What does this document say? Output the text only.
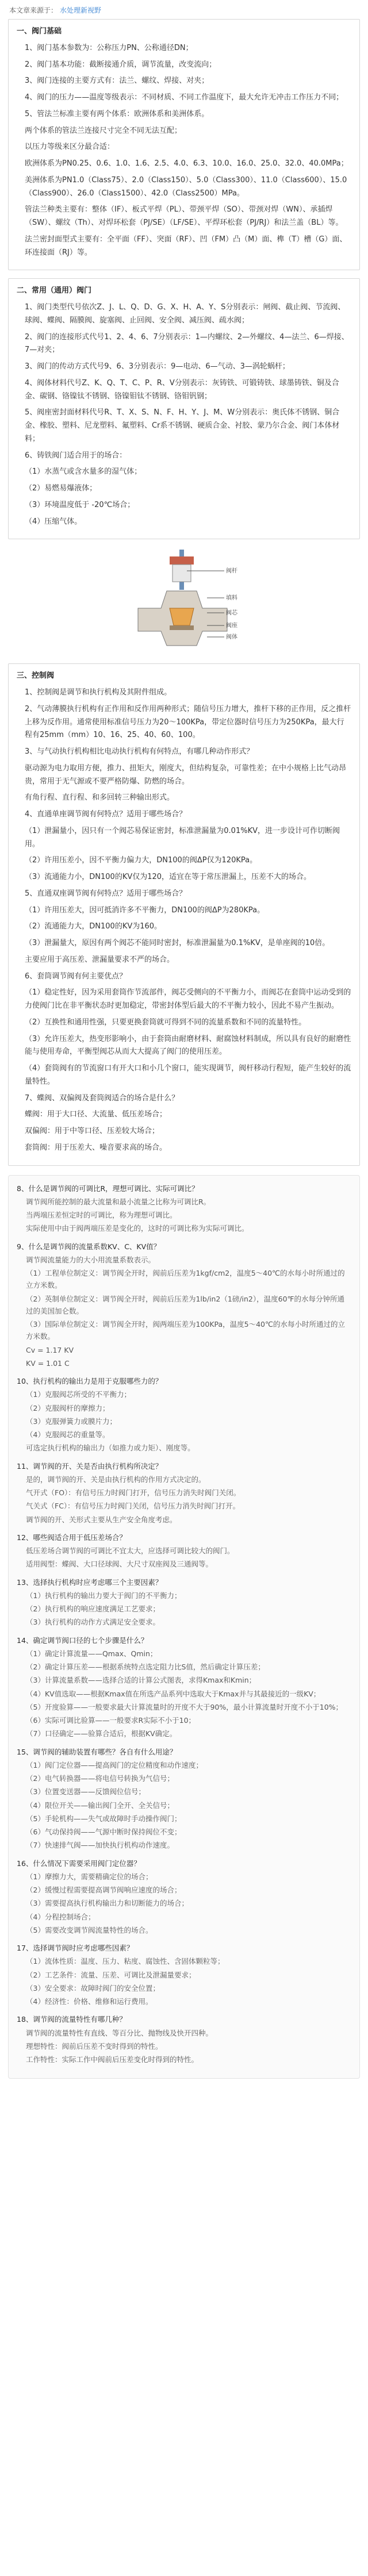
本文章来源于： 水处理新视野

一、阀门基础

1、阀门基本参数为：公称压力PN、公称通径DN；

2、阀门基本功能：截断接通介质，调节流量，改变流向；

3、阀门连接的主要方式有：法兰、螺纹、焊接、对夹；

4、阀门的压力——温度等级表示：不同材质、不同工作温度下，最大允许无冲击工作压力不同；

5、管法兰标准主要有两个体系：欧洲体系和美洲体系。

两个体系的管法兰连接尺寸完全不同无法互配；

以压力等级来区分最合适：

欧洲体系为PN0.25、0.6、1.0、1.6、2.5、4.0、6.3、10.0、16.0、25.0、32.0、40.0MPa；

美洲体系为PN1.0（Class75）、2.0（Class150）、5.0（Class300）、11.0（Class600）、15.0（Class900）、26.0（Class1500）、42.0（Class2500）MPa。

管法兰种类主要有：整体（IF）、板式平焊（PL）、带颈平焊（SO）、带颈对焊（WN）、承插焊（SW）、螺纹（Th）、对焊环松套（PJ/SE）（LF/SE）、平焊环松套（PJ/RJ）和法兰盖（BL）等。

法兰密封面型式主要有：全平面（FF）、突面（RF）、凹（FM）凸（M）面、榫（T）槽（G）面、环连接面（RJ）等。

二、常用（通用）阀门

1、阀门类型代号依次Z、J、L、Q、D、G、X、H、A、Y、S分别表示：闸阀、截止阀、节流阀、球阀、蝶阀、隔膜阀、旋塞阀、止回阀、安全阀、减压阀、疏水阀；

2、阀门的连接形式代号1、2、4、6、7分别表示：1—内螺纹、2—外螺纹、4—法兰、6—焊接、7—对夹；

3、阀门的传动方式代号9、6、3分别表示：9—电动、6—气动、3—涡轮蜗杆；

4、阀体材料代号Z、K、Q、T、C、P、R、V分别表示：灰铸铁、可锻铸铁、球墨铸铁、铜及合金、碳钢、铬镍钛不锈钢、铬镍钼钛不锈钢、铬钼钒钢；

5、阀座密封面材料代号R、T、X、S、N、F、H、Y、J、M、W分别表示：奥氏体不锈钢、铜合金、橡胶、塑料、尼龙塑料、氟塑料、Cr系不锈钢、硬质合金、衬胶、蒙乃尔合金、阀门本体材料；

6、铸铁阀门适合用于的场合：

（1）水蒸气或含水量多的湿气体；

（2）易燃易爆液体；

（3）环境温度低于 -20℃场合；

（4）压缩气体。

阀杆
填料
阀芯
阀座
阀体

三、控制阀

1、控制阀是调节和执行机构及其附件组成。

2、气动薄膜执行机构有正作用和反作用两种形式；随信号压力增大，推杆下移的正作用，反之推杆上移为反作用。通常使用标准信号压力为20～100KPa，带定位器时信号压力为250KPa，最大行程有25mm（mm）10、16、25、40、60、100。

3、与气动执行机构相比电动执行机构有何特点，有哪几种动作形式？

驱动源为电力取用方便，推力、扭矩大，刚度大，但结构复杂，可靠性差；在中小规格上比气动昂贵，常用于无气源或不要严格防爆、防燃的场合。

有角行程、直行程、和多回转三种输出形式。

4、直通单座调节阀有何特点？适用于哪些场合？

（1）泄漏量小，因只有一个阀芯易保证密封，标准泄漏量为0.01%KV，进一步设计可作切断阀用。

（2）许用压差小，因不平衡力偏力大，DN100的阀ΔP仅为120KPa。

（3）流通能力小，DN100的KV仅为120，适宜在等于常压泄漏上，压差不大的场合。

5、直通双座调节阀有何特点？适用于哪些场合？

（1）许用压差大，因可抵消许多不平衡力，DN100的阀ΔP为280KPa。

（2）流通能力大，DN100的KV为160。

（3）泄漏量大，原因有两个阀芯不能同时密封，标准泄漏量为0.1%KV，是单座阀的10倍。

主要应用于高压差、泄漏量要求不严的场合。

6、套筒调节阀有何主要优点？

（1）稳定性好，因为采用套筒作节流部件，阀芯受侧向的不平衡力小，而阀芯在套筒中运动受到的力使阀门比在非平衡状态时更加稳定，带密封体型后最大的不平衡力较小，因此不易产生振动。

（2）互换性和通用性强，只要更换套筒就可得到不同的流量系数和不同的流量特性。

（3）允许压差大，热变形影响小，由于套筒由耐磨材料、耐腐蚀材料制成，所以具有良好的耐磨性能与使用寿命，平衡型阀芯从而大大提高了阀门的使用压差。

（4）套筒阀有的节流窗口有开大口和小几个窗口，能实现调节，阀杆移动行程短，能产生较好的流量特性。

7、蝶阀、双偏阀及套筒阀适合的场合是什么？

蝶阀：用于大口径、大流量、低压差场合；

双偏阀：用于中等口径、压差较大场合；

套筒阀：用于压差大、噪音要求高的场合。

8、什么是调节阀的可调比R，理想可调比、实际可调比？

调节阀所能控制的最大流量和最小流量之比称为可调比R。

当两端压差恒定时的可调比，称为理想可调比。

实际使用中由于阀两端压差是变化的，这时的可调比称为实际可调比。

9、什么是调节阀的流量系数KV、C、KV值？

调节阀流量能力的大小用流量系数表示。

（1）工程单位制定义：调节阀全开时，阀前后压差为1kgf/cm2，温度5～40℃的水每小时所通过的立方米数。

（2）英制单位制定义：调节阀全开时，阀前后压差为1lb/in2（1磅/in2），温度60℉的水每分钟所通过的美国加仑数。

（3）国际单位制定义：调节阀全开时，阀两端压差为100KPa，温度5～40℃的水每小时所通过的立方米数。

Cv = 1.17 KV

KV = 1.01 C

10、执行机构的输出力是用于克服哪些力的？

（1）克服阀芯所受的不平衡力；

（2）克服阀杆的摩擦力；

（3）克服弹簧力或膜片力；

（4）克服阀芯的重量等。

可选定执行机构的输出力（如推力或力矩）、刚度等。

11、调节阀的开、关是否由执行机构所决定？

是的，调节阀的开、关是由执行机构的作用方式决定的。

气开式（FO）：有信号压力时阀门打开，信号压力消失时阀门关闭。

气关式（FC）：有信号压力时阀门关闭，信号压力消失时阀门打开。

调节阀的开、关形式主要从生产安全角度考虑。

12、哪些阀适合用于低压差场合？

低压差场合调节阀的可调比不宜太大，应选择可调比较大的阀门。

适用阀型：蝶阀、大口径球阀、大尺寸双座阀及三通阀等。

13、选择执行机构时应考虑哪三个主要因素？

（1）执行机构的输出力要大于阀门的不平衡力；

（2）执行机构的响应速度满足工艺要求；

（3）执行机构的动作方式满足安全要求。

14、确定调节阀口径的七个步骤是什么？

（1）确定计算流量——Qmax、Qmin；

（2）确定计算压差——根据系统特点选定阻力比S值，然后确定计算压差；

（3）计算流量系数——选择合适的计算公式图表，求得Kmax和Kmin；

（4）KV值选取——根据Kmax值在所选产品系列中选取大于Kmax并与其最接近的一级KV；

（5）开度验算——一般要求最大计算流量时的开度不大于90%，最小计算流量时开度不小于10%；

（6）实际可调比验算——一般要求R实际不小于10；

（7）口径确定——验算合适后，根据KV确定。

15、调节阀的辅助装置有哪些？各自有什么用途？

（1）阀门定位器——提高阀门的定位精度和动作速度；

（2）电气转换器——将电信号转换为气信号；

（3）位置变送器——反馈阀位信号；

（4）限位开关——输出阀门全开、全关信号；

（5）手轮机构——失气或故障时手动操作阀门；

（6）气动保持阀——气源中断时保持阀位不变；

（7）快速排气阀——加快执行机构动作速度。

16、什么情况下需要采用阀门定位器？

（1）摩擦力大，需要精确定位的场合；

（2）缓慢过程需要提高调节阀响应速度的场合；

（3）需要提高执行机构输出力和切断能力的场合；

（4）分程控制场合；

（5）需要改变调节阀流量特性的场合。

17、选择调节阀时应考虑哪些因素？

（1）流体性质：温度、压力、粘度、腐蚀性、含固体颗粒等；

（2）工艺条件：流量、压差、可调比及泄漏量要求；

（3）安全要求：故障时阀门的安全位置；

（4）经济性：价格、维修和运行费用。

18、调节阀的流量特性有哪几种？

调节阀的流量特性有直线、等百分比、抛物线及快开四种。

理想特性：阀前后压差不变时得到的特性。

工作特性：实际工作中阀前后压差变化时得到的特性。
